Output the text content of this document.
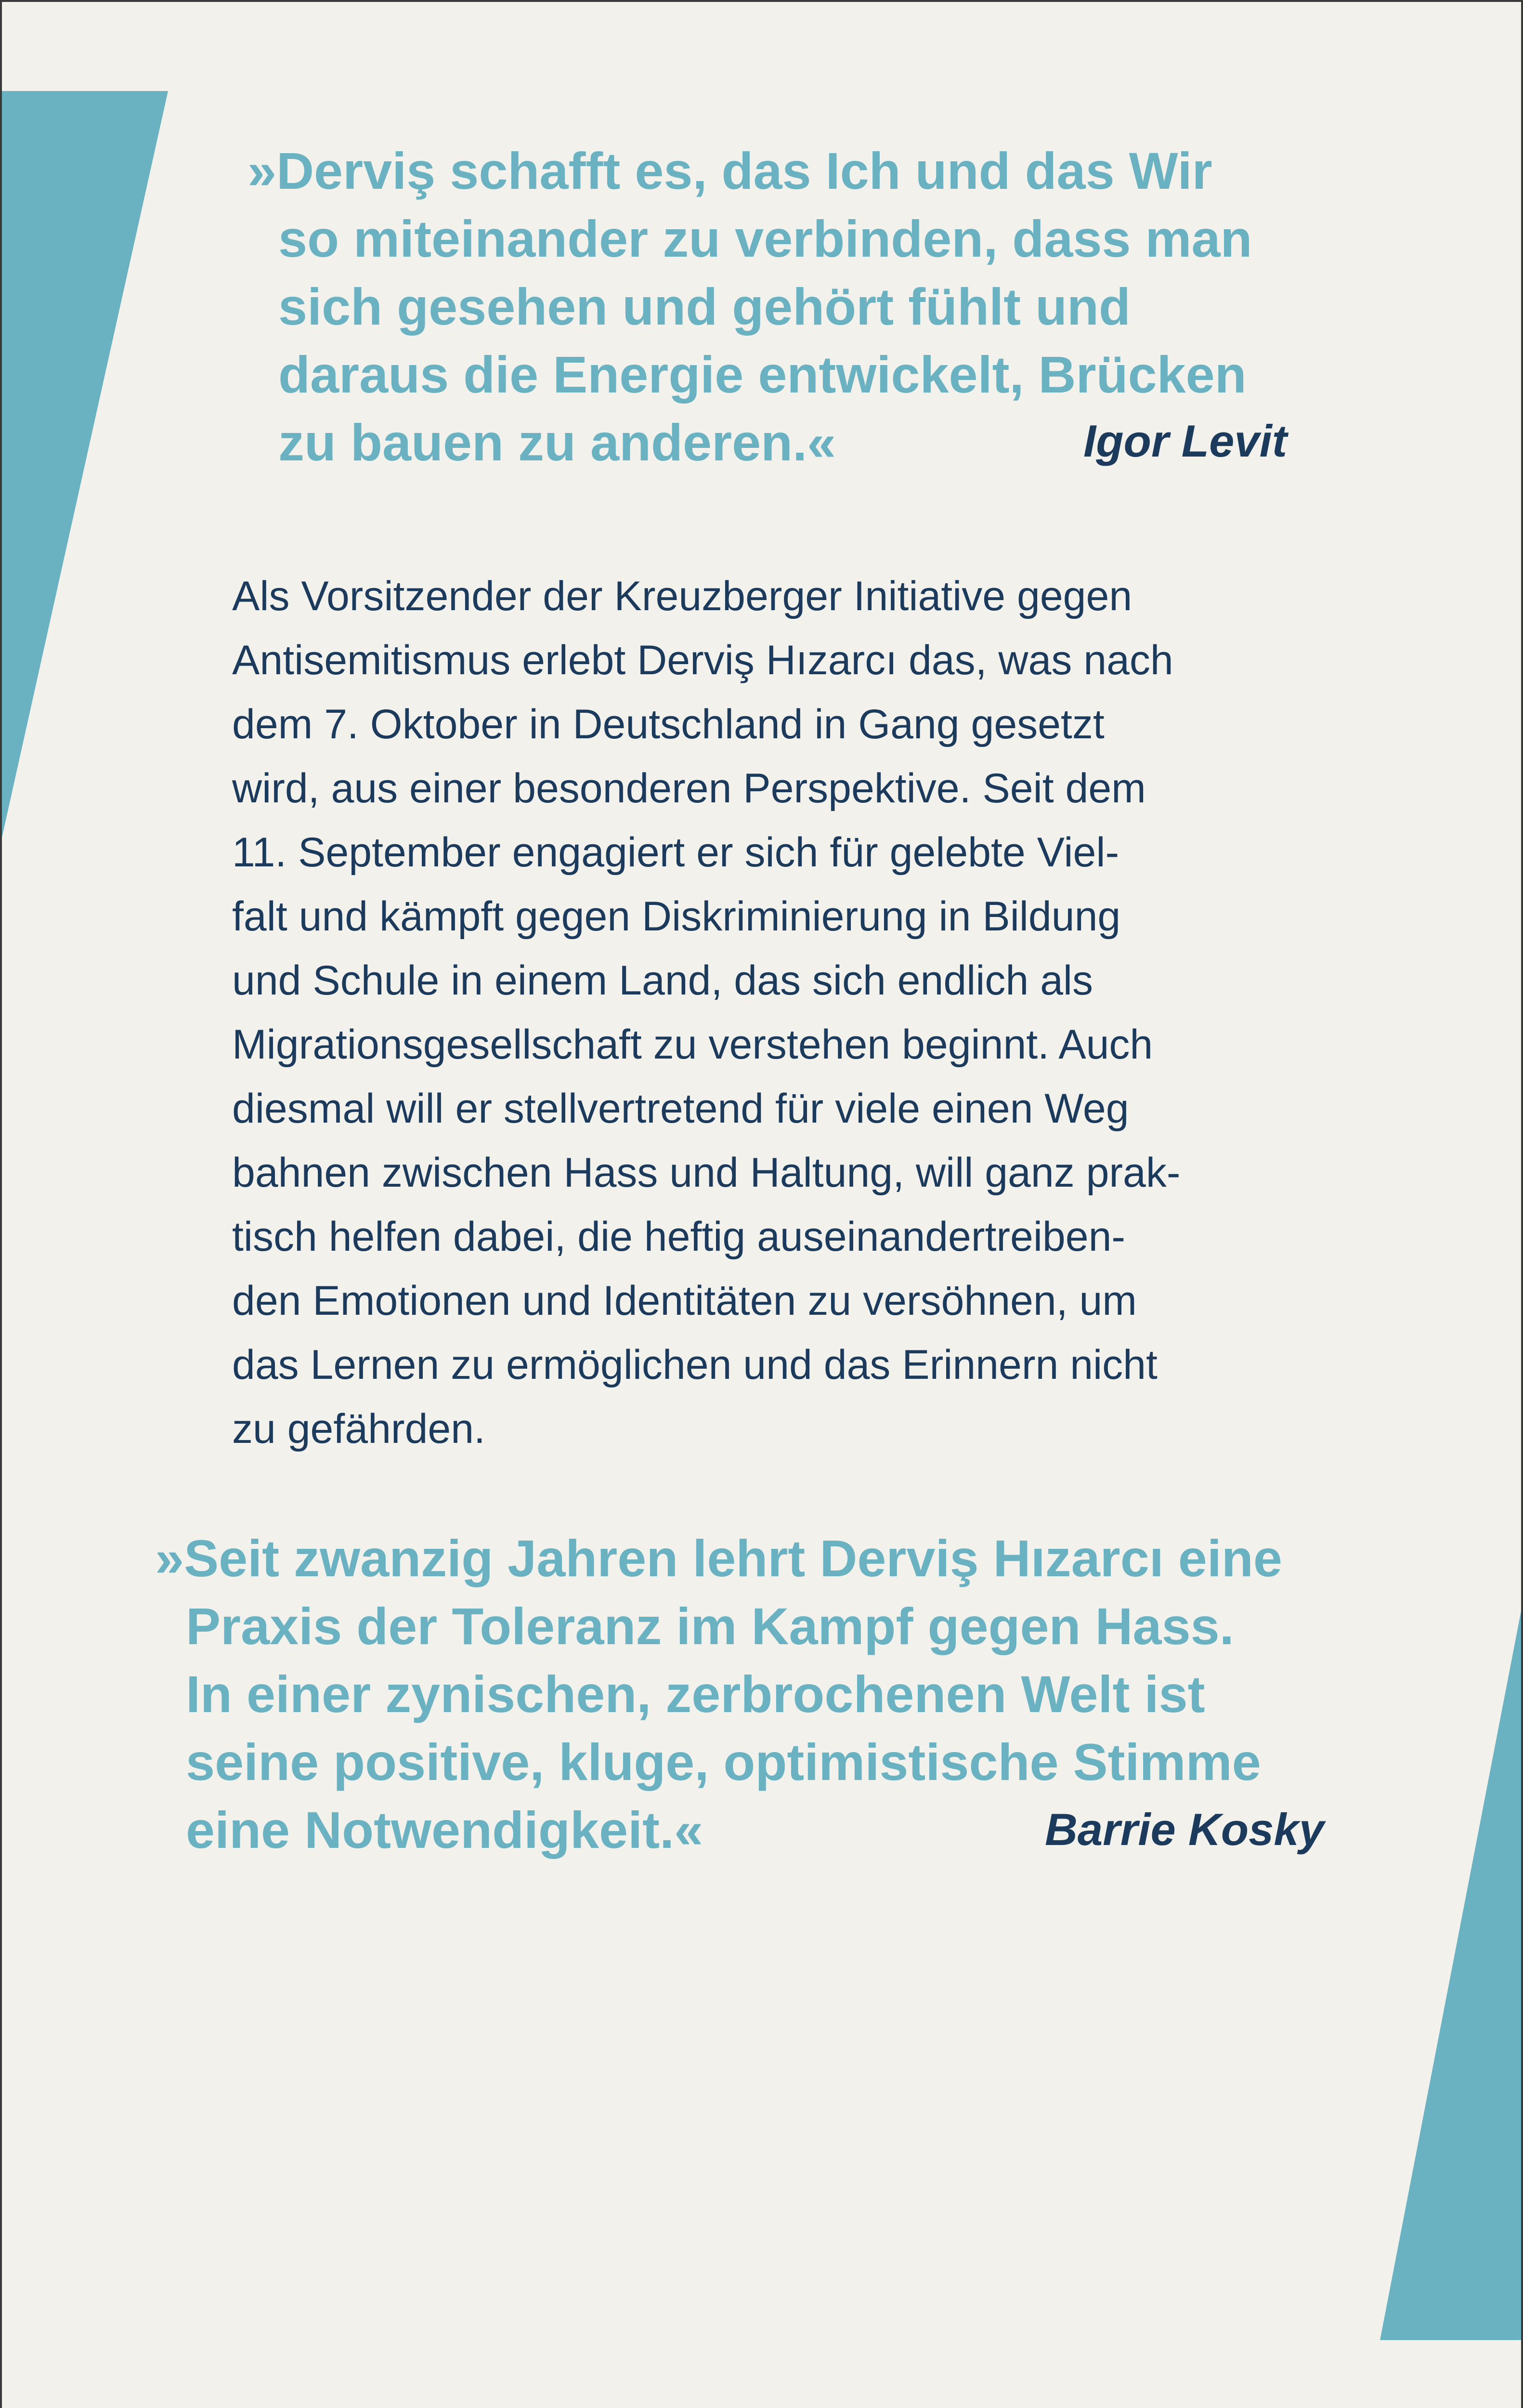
»Derviş schafft es, das Ich und das Wir
so miteinander zu verbinden, dass man
sich gesehen und gehört fühlt und
daraus die Energie entwickelt, Brücken
zu bauen zu anderen.«	Igor Levit
Als Vorsitzender der Kreuzberger Initiative gegen
Antisemitismus erlebt Derviş Hızarcı das, was nach
dem 7. Oktober in Deutschland in Gang gesetzt
wird, aus einer besonderen Perspektive. Seit dem
11. September engagiert er sich für gelebte Viel-
falt und kämpft gegen Diskriminierung in Bildung
und Schule in einem Land, das sich endlich als
Migrationsgesellschaft zu verstehen beginnt. Auch
diesmal will er stellvertretend für viele einen Weg
bahnen zwischen Hass und Haltung, will ganz prak-
tisch helfen dabei, die heftig auseinandertreiben-
den Emotionen und Identitäten zu versöhnen, um
das Lernen zu ermöglichen und das Erinnern nicht
zu gefährden.
»Seit zwanzig Jahren lehrt Derviş Hızarcı eine
Praxis der Toleranz im Kampf gegen Hass.
In einer zynischen, zerbrochenen Welt ist
seine positive, kluge, optimistische Stimme
eine Notwendigkeit.«	Barrie Kosky
